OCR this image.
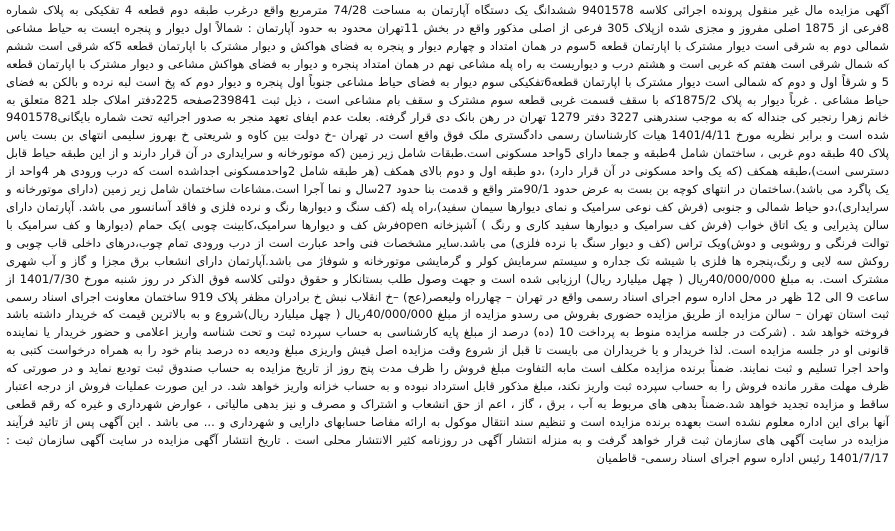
آگهی مزایده مال غیر منقول پرونده اجرائی کلاسه 9401578 ششدانگ یک دستگاه آپارتمان به مساحت 74/28 مترمربع واقع درغرب طبقه دوم قطعه 4 تفکیکی به پلاک شماره 8فرعی از 1875 اصلی مفروز و مجزی شده ازپلاک 305 فرعی از اصلی مذکور واقع در بخش 11تهران محدود به حدود آپارتمان : شمالاً اول دیوار و پنجره ایست به حیاط مشاعی شمالی دوم به شرقی است دیوار مشترک با اپارتمان قطعه 5سوم در همان امتداد و چهارم دیوار و پنجره به فضای هواکش و دیوار مشترک با اپارتمان قطعه 5که شرقی است ششم که شمال شرقی است هفتم که غربی است و هشتم درب و دیواریست به راه پله مشاعی نهم در همان امتداد پنجره و دیوار به فضای هواکش مشاعی و دیوار مشترک با اپارتمان قطعه 5 و شرقاً اول و دوم که شمالی است دیوار مشترک با اپارتمان قطعه6تفکیکی سوم دیوار به فضای حیاط مشاعی جنوباً اول پنجره و دیوار دوم که پخ است لبه نرده و بالکن به فضای حیاط مشاعی . غرباً دیوار به پلاک 1875/2که با سقف قسمت غربی قطعه سوم مشترک و سقف بام مشاعی است ، ذیل ثبت 239841صفحه 225دفتر املاک جلد 821 متعلق به خانم زهرا رنجبر کی جنداله که به موجب سندرهنی 3227 دفتر 1279 تهران در رهن بانک دی قرار گرفته. بعلت عدم ایفای تعهد منجر به صدور اجرائیه تحت شماره بایگانی9401578 شده است و برابر نظریه مورخ 1401/4/11 هیات کارشناسان رسمی دادگستری ملک فوق واقع است در تهران -خ دولت بین کاوه و شریعتی خ بهروز سلیمی انتهای بن بست یاس پلاک 40 طبقه دوم غربی ، ساختمان شامل 4طبقه و جمعا دارای 5واحد مسکونی است.طبقات شامل زیر زمین (که موتورخانه و سرایداری در آن قرار دارند و از این طبقه حیاط قابل دسترسی است)،طبقه همکف (که یک واحد مسکونی در آن قرار دارد) ،دو طبقه اول و دوم بالای همکف (هر طبقه شامل 2واحدمسکونی اجداشده است که درب ورودی هر 4واحد از یک پاگرد می باشد).ساختمان در انتهای کوچه بن بست به عرض حدود 90/1متر واقع و قدمت بنا حدود 27سال و نما آجرا است.مشاعات ساختمان شامل زیر زمین (دارای موتورخانه و سرایداری)،دو حیاط شمالی و جنوبی (فرش کف نوعی سرامیک و نمای دیوارها سیمان سفید)،راه پله (کف سنگ و دیوارها رنگ و نرده فلزی و فاقد آسانسور می باشد. آپارتمان دارای سالن پذیرایی و یک اتاق خواب (فرش کف سرامیک و دیوارها سفید کاری و رنگ ) آشپزخانه openفرش کف و دیوارها سرامیک،کابینت چوبی )یک حمام (دیوارها و کف سرامیک با توالت فرنگی و روشویی و دوش)ویک تراس (کف و دیوار سنگ با نرده فلزی) می باشد.سایر مشخصات فنی واحد عبارت است از درب ورودی تمام چوب،درهای داخلی قاب چوبی و روکش سه لایی و رنگ،پنجره ها فلزی با شیشه تک جداره و سیستم سرمایش کولر و گرمایشی موتورخانه و شوفاژ می باشد.آپارتمان دارای انشعاب برق مجزا و گاز و آب شهری مشترک است. به مبلغ 40/000/000ریال ( چهل میلیارد ریال) ارزیابی شده است و جهت وصول طلب بستانکار و حقوق دولتی کلاسه فوق الذکر در روز شنبه مورخ 1401/7/30 از ساعت 9 الی 12 ظهر در محل اداره سوم اجرای اسناد رسمی واقع در تهران – چهارراه ولیعصر(عج) –خ انقلاب نبش خ برادران مظفر پلاک 919 ساختمان معاونت اجرای اسناد رسمی ثبت استان تهران – سالن مزایده از طریق مزایده حضوری بفروش می رسدو مزایده از مبلغ 40/000/000ریال ( چهل میلیارد ریال)شروع و به بالاترین قیمت که خریدار داشته باشد فروخته خواهد شد . (شرکت در جلسه مزایده منوط به پرداخت 10 (ده) درصد از مبلغ پایه کارشناسی به حساب سپرده ثبت و تحت شناسه واریز اعلامی و حضور خریدار یا نماینده قانونی او در جلسه مزایده است. لذا خریدار و یا خریداران می بایست تا قبل از شروع وقت مزایده اصل فیش واریزی مبلغ ودیعه ده درصد بنام خود را به همراه درخواست کتبی به واحد اجرا تسلیم و ثبت نمایند. ضمناً برنده مزایده مکلف است مابه التفاوت مبلغ فروش را ظرف مدت پنج روز از تاریخ مزایده به حساب صندوق ثبت تودیع نماید و در صورتی که ظرف مهلت مقرر مانده فروش را به حساب سپرده ثبت واریز نکند، مبلغ مذکور قابل استرداد نبوده و به حساب خزانه واریز خواهد شد. در این صورت عملیات فروش از درجه اعتبار ساقط و مزایده تجدید خواهد شد.ضمناً بدهی های مربوط به آب ، برق ، گاز ، اعم از حق انشعاب و اشتراک و مصرف و نیز بدهی مالیاتی ، عوارض شهرداری و غیره که رقم قطعی آنها برای این اداره معلوم نشده است بعهده برنده مزایده است و تنظیم سند انتقال موکول به ارائه مفاصا حسابهای دارایی و شهرداری و ... می باشد . این آگهی پس از تائید فرآیند مزایده در سایت آگهی های سازمان ثبت قرار خواهد گرفت و به منزله انتشار آگهی در روزنامه کثیر الانتشار محلی است . تاریخ انتشار آگهی مزایده در سایت آگهی سازمان ثبت : 1401/7/17 رئیس اداره سوم اجرای اسناد رسمی- قاطمیان
